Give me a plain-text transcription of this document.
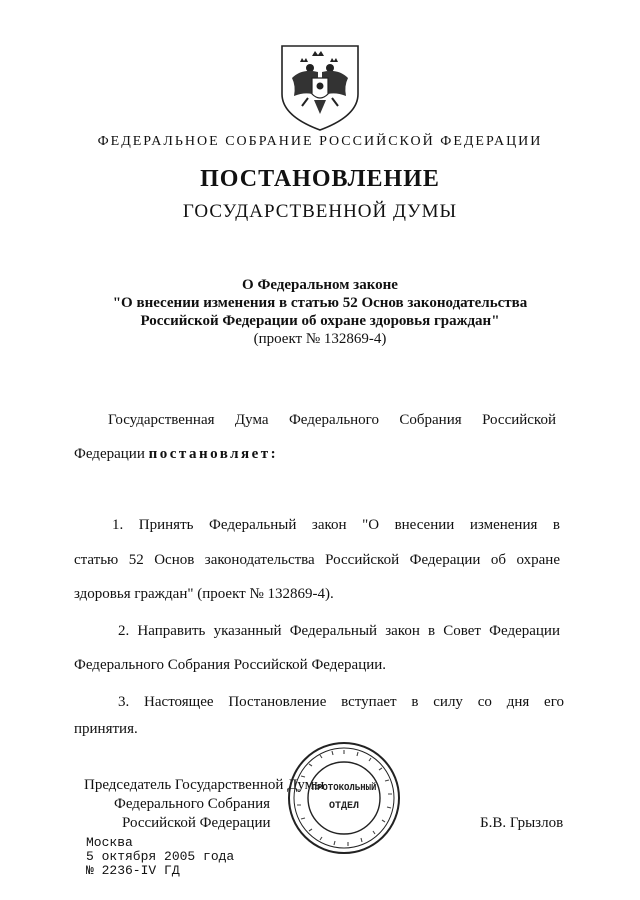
ФЕДЕРАЛЬНОЕ СОБРАНИЕ РОССИЙСКОЙ ФЕДЕРАЦИИ
ПОСТАНОВЛЕНИЕ
ГОСУДАРСТВЕННОЙ ДУМЫ
О Федеральном законе
"О внесении изменения в статью 52 Основ законодательства
Российской Федерации об охране здоровья граждан"
(проект № 132869-4)
Государственная Дума Федерального Собрания Российской
Федерации постановляет:
1. Принять Федеральный закон "О внесении изменения в
статью 52 Основ законодательства Российской Федерации об охране
здоровья граждан" (проект № 132869-4).
2. Направить указанный Федеральный закон в Совет Федерации
Федерального Собрания Российской Федерации.
3. Настоящее Постановление вступает в силу со дня его
принятия.
Председатель Государственной Думы
Федерального Собрания
Российской Федерации	Б.В. Грызлов
ПРОТОКОЛЬНЫЙ
ОТДЕЛ
Москва
5 октября 2005 года
№ 2236-IV ГД
